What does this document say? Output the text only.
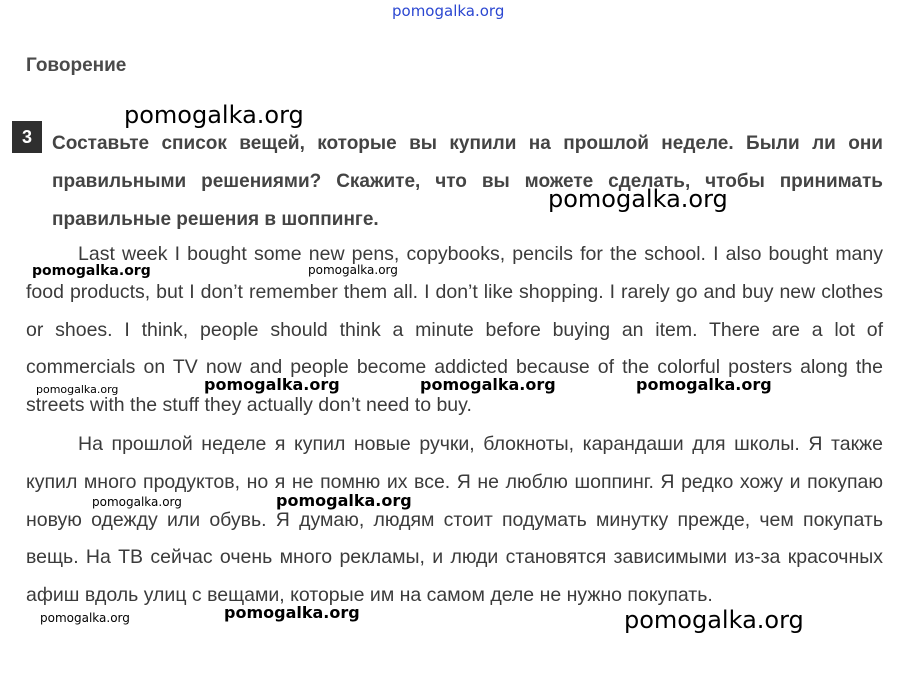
pomogalka.org
Говорение
3	Составьте список вещей, которые вы купили на прошлой неделе. Были ли они правильными решениями? Скажите, что вы можете сделать, чтобы принимать правильные решения в шоппинге.
Last week I bought some new pens, copybooks, pencils for the school. I also bought many food products, but I don’t remember them all. I don’t like shopping. I rarely go and buy new clothes or shoes. I think, people should think a minute before buying an item. There are a lot of commercials on TV now and people become addicted because of the colorful posters along the streets with the stuff they actually don’t need to buy.
На прошлой неделе я купил новые ручки, блокноты, карандаши для школы. Я также купил много продуктов, но я не помню их все. Я не люблю шоппинг. Я редко хожу и покупаю новую одежду или обувь. Я думаю, людям стоит подумать минутку прежде, чем покупать вещь. На ТВ сейчас очень много рекламы, и люди становятся зависимыми из-за красочных афиш вдоль улиц с вещами, которые им на самом деле не нужно покупать.
pomogalka.org
pomogalka.org
pomogalka.org	pomogalka.org
pomogalka.org	pomogalka.org	pomogalka.org	pomogalka.org
pomogalka.org	pomogalka.org
pomogalka.org	pomogalka.org	pomogalka.org
